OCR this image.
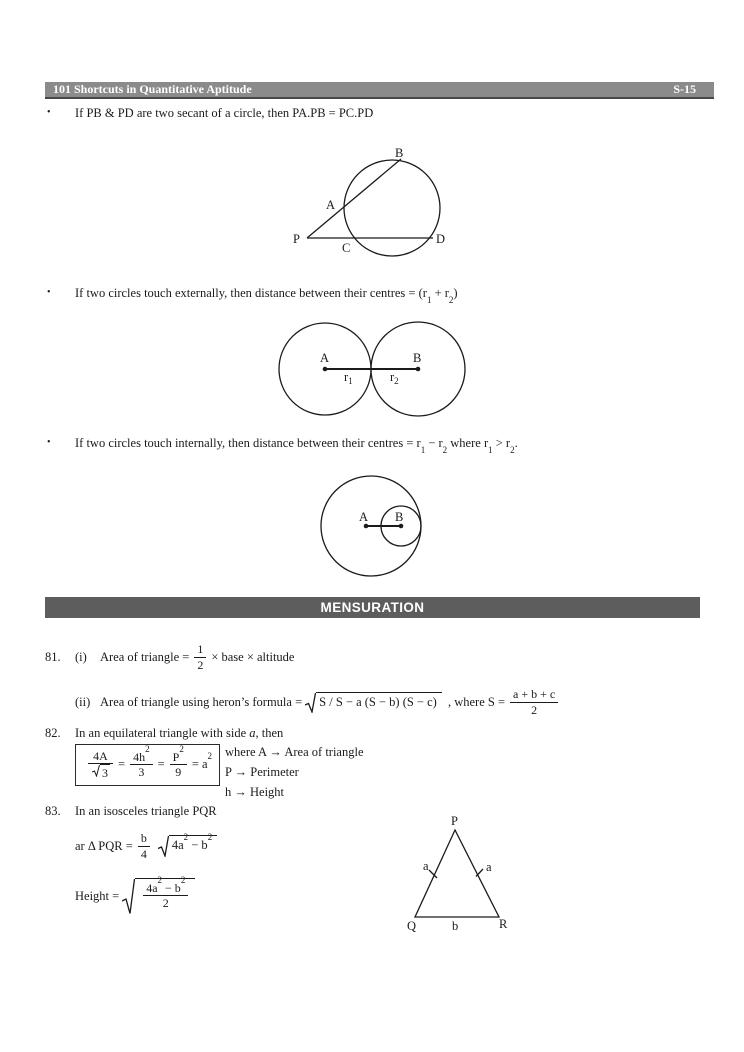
101 Shortcuts in Quantitative Aptitude	S-15
•	If PB & PD are two secant of a circle, then PA.PB = PC.PD
B
A
P
C
D
•	If two circles touch externally, then distance between their centres = $(r_1 + r_2)$
A	B
$r_1$	$r_2$
•	If two circles touch internally, then distance between their centres = $r_1 - r_2$ where $r_1 > r_2$.
A B
MENSURATION
81.	(i)	Area of triangle = $\frac{1}{2}$ × base × altitude
(ii) Area of triangle using heron’s formula = S / S − a (S − b) (S − c) , where $S = \frac{a + b + c}{2}$
82.	In an equilateral triangle with side a, then
$\frac{4A}{3} = \frac{4h^2}{3} = \frac{P^2}{9} = a^2$ where A → Area of triangle
P → Perimeter
h → Height
83.	In an isosceles triangle PQR
ar Δ PQR = $\frac{b}{4} 4a^2 - b^2$
Height = $\frac{4a^2 - b^2}{2}$
P
Q	R
b
a	a
